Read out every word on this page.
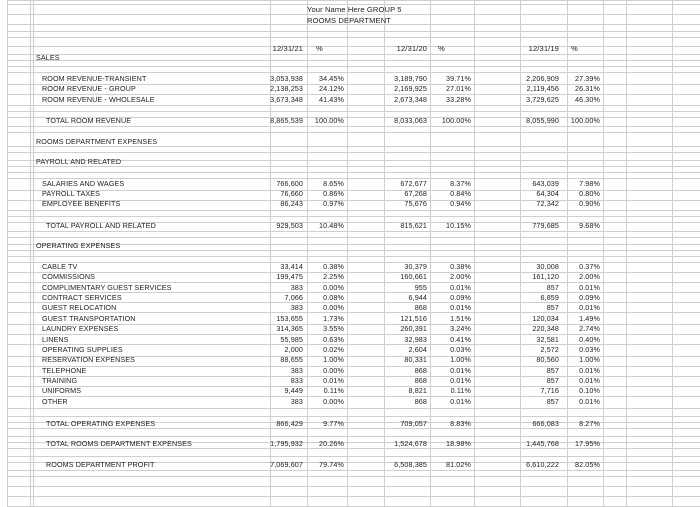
Your Name Here GROUP 5
ROOMS DEPARTMENT
12/31/21 %	12/31/20 %	12/31/19 %
SALES
ROOM REVENUE-TRANSIENT	3,053,938 34.45%	3,189,790	39.71%	2,206,909 27.39%
ROOM REVENUE - GROUP	2,138,253 24.12%	2,169,925	27.01%	2,119,456 26.31%
ROOM REVENUE - WHOLESALE	3,673,348 41.43%	2,673,348	33.28%	3,729,625 46.30%
TOTAL ROOM REVENUE	8,865,539 100.00%	8,033,063 100.00%	8,055,990 100.00%
ROOMS DEPARTMENT EXPENSES
PAYROLL AND RELATED
SALARIES AND WAGES	766,600	8.65%	672,677	8.37%	643,039	7.98%
PAYROLL TAXES	76,660	0.86%	67,268	0.84%	64,304	0.80%
EMPLOYEE BENEFITS	86,243	0.97%	75,676	0.94%	72,342	0.90%
TOTAL PAYROLL AND RELATED	929,503 10.48%	815,621	10.15%	779,685	9.68%
OPERATING EXPENSES
CABLE TV	33,414	0.38%	30,379	0.38%	30,008	0.37%
COMMISSIONS	199,475	2.25%	160,661	2.00%	161,120	2.00%
COMPLIMENTARY GUEST SERVICES	383	0.00%	955	0.01%	857	0.01%
CONTRACT SERVICES	7,066	0.08%	6,944	0.09%	6,859	0.09%
GUEST RELOCATION	383	0.00%	868	0.01%	857	0.01%
GUEST TRANSPORTATION	153,655	1.73%	121,516	1.51%	120,034	1.49%
LAUNDRY EXPENSES	314,365	3.55%	260,391	3.24%	220,348	2.74%
LINENS	55,985	0.63%	32,983	0.41%	32,581	0.40%
OPERATING SUPPLIES	2,000	0.02%	2,604	0.03%	2,572	0.03%
RESERVATION EXPENSES	88,655	1.00%	80,331	1.00%	80,560	1.00%
TELEPHONE	383	0.00%	868	0.01%	857	0.01%
TRAINING	833	0.01%	868	0.01%	857	0.01%
UNIFORMS	9,449	0.11%	8,821	0.11%	7,716	0.10%
OTHER	383	0.00%	868	0.01%	857	0.01%
TOTAL OPERATING EXPENSES	866,429	9.77%	709,057	8.83%	666,083	8.27%
TOTAL ROOMS DEPARTMENT EXPENSES	1,795,932 20.26%	1,524,678	18.98%	1,445,768 17.95%
ROOMS DEPARTMENT PROFIT	7,069,607 79.74%	6,508,385	81.02%	6,610,222 82.05%
